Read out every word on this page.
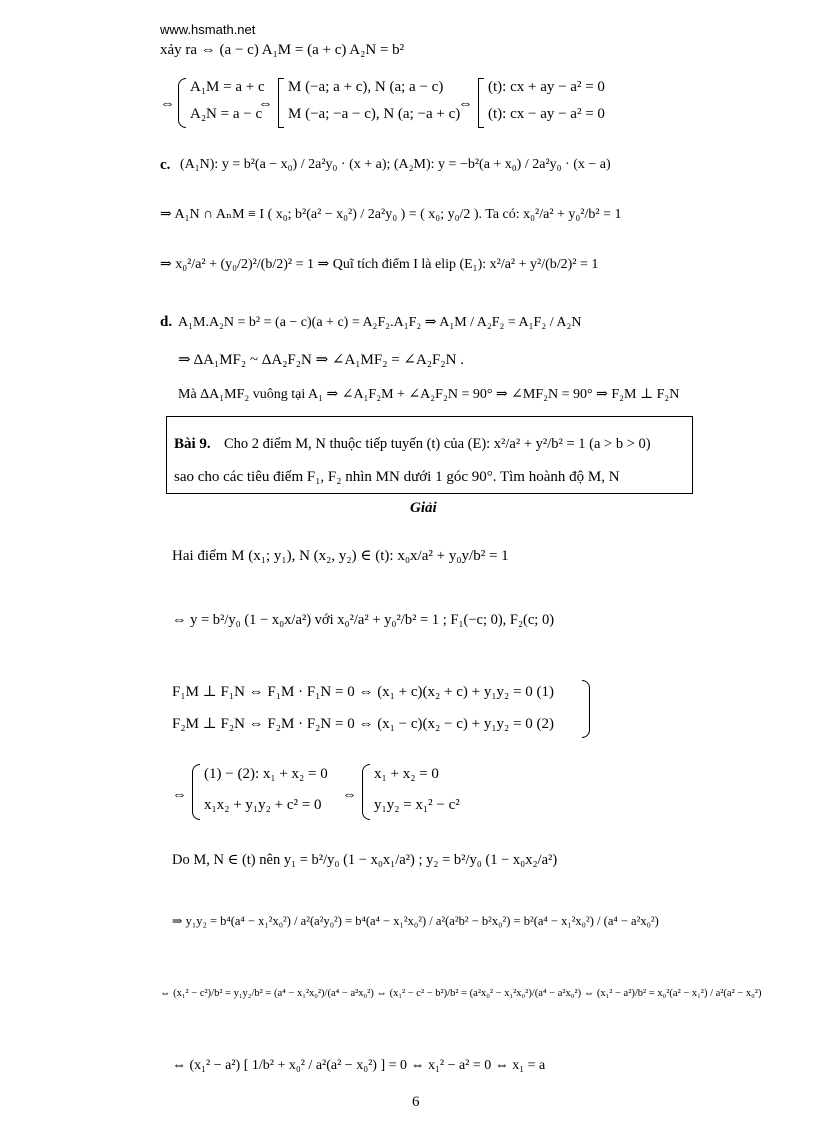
www.hsmath.net
xảy ra ⇔ (a − c) A₁M = (a + c) A₂N = b²
⇔
A₁M = a + c
A₂N = a − c
⇔
M (−a; a + c), N (a; a − c)
M (−a; −a − c), N (a; −a + c)
⇔
(t): cx + ay − a² = 0
(t): cx − ay − a² = 0
c. (A₁N): y = b²(a − x₀) / 2a²y₀ · (x + a); (A₂M): y = −b²(a + x₀) / 2a²y₀ · (x − a)
⇒ A₁N ∩ AₙM ≡ I ( x₀; b²(a² − x₀²) / 2a²y₀ ) = ( x₀; y₀/2 ). Ta có: x₀²/a² + y₀²/b² = 1
⇒ x₀²/a² + (y₀/2)²/(b/2)² = 1 ⇒ Quĩ tích điểm I là elip (E₁): x²/a² + y²/(b/2)² = 1
d. A₁M.A₂N = b² = (a − c)(a + c) = A₂F₂.A₁F₂ ⇒ A₁M / A₂F₂ = A₁F₂ / A₂N
⇒ ΔA₁MF₂ ~ ΔA₂F₂N ⇒ ∠A₁MF₂ = ∠A₂F₂N .
Mà ΔA₁MF₂ vuông tại A₁ ⇒ ∠A₁F₂M + ∠A₂F₂N = 90° ⇒ ∠MF₂N = 90° ⇒ F₂M ⊥ F₂N
Bài 9. Cho 2 điểm M, N thuộc tiếp tuyến (t) của (E): x²/a² + y²/b² = 1 (a > b > 0)
sao cho các tiêu điểm F₁, F₂ nhìn MN dưới 1 góc 90°. Tìm hoành độ M, N
Giải
Hai điểm M (x₁; y₁), N (x₂, y₂) ∈ (t): x₀x/a² + y₀y/b² = 1
⇔ y = b²/y₀ (1 − x₀x/a²) với x₀²/a² + y₀²/b² = 1 ; F₁(−c; 0), F₂(c; 0)
F₁M ⊥ F₁N ⇔ F₁M · F₁N = 0 ⇔ (x₁ + c)(x₂ + c) + y₁y₂ = 0 (1)
F₂M ⊥ F₂N ⇔ F₂M · F₂N = 0 ⇔ (x₁ − c)(x₂ − c) + y₁y₂ = 0 (2)
⇔
(1) − (2): x₁ + x₂ = 0
x₁x₂ + y₁y₂ + c² = 0
⇔
x₁ + x₂ = 0
y₁y₂ = x₁² − c²
Do M, N ∈ (t) nên y₁ = b²/y₀ (1 − x₀x₁/a²) ; y₂ = b²/y₀ (1 − x₀x₂/a²)
⇒ y₁y₂ = b⁴(a⁴ − x₁²x₀²) / a²(a²y₀²) = b⁴(a⁴ − x₁²x₀²) / a²(a²b² − b²x₀²) = b²(a⁴ − x₁²x₀²) / (a⁴ − a²x₀²)
⇔ (x₁² − c²)/b² = y₁y₂/b² = (a⁴ − x₁²x₀²)/(a⁴ − a²x₀²) ⇔ (x₁² − c² − b²)/b² = (a²x₀² − x₁²x₀²)/(a⁴ − a²x₀²) ⇔ (x₁² − a²)/b² = x₀²(a² − x₁²) / a²(a² − x₀²)
⇔ (x₁² − a²) [ 1/b² + x₀² / a²(a² − x₀²) ] = 0 ⇔ x₁² − a² = 0 ⇔ x₁ = a
6
